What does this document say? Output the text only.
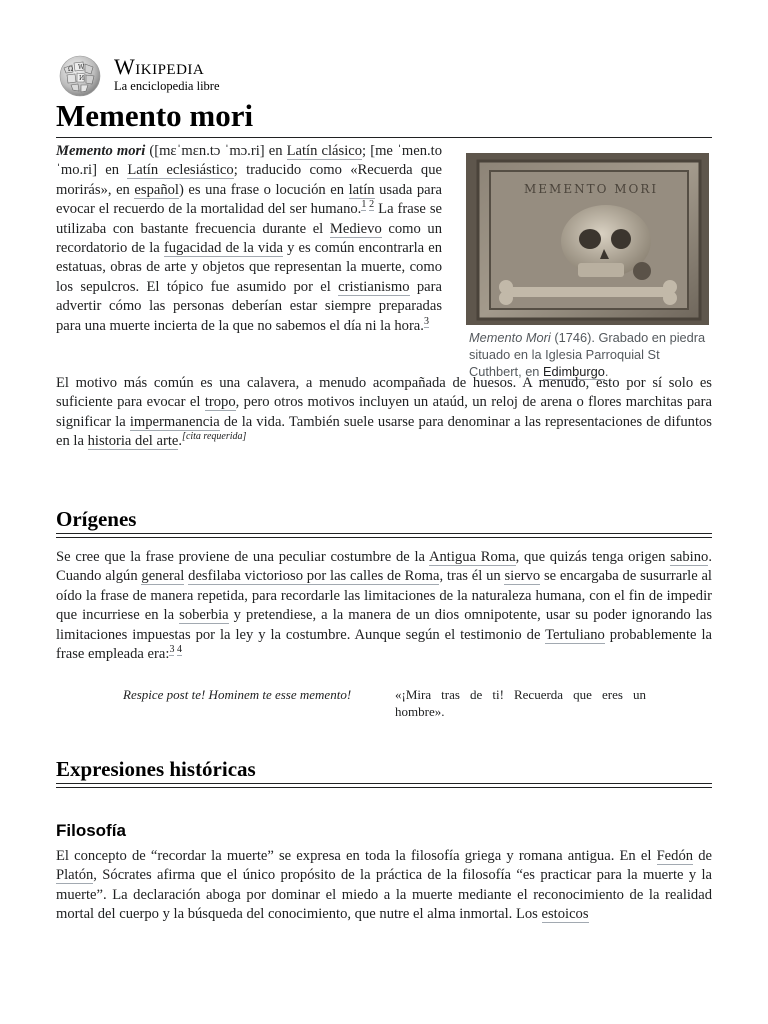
Ω W
И Wikipedia
La enciclopedia libre
Memento mori

Memento mori ([mɛˈmɛn.tɔ ˈmɔ.ri] en Latín clásico; [me ˈmen.to ˈmo.ri] en Latín eclesiástico; traducido como «Recuerda que morirás», en español) es una frase o locución en latín usada para evocar el recuerdo de la mortalidad del ser humano.$^{1 2}$ La frase se utilizaba con bastante frecuencia durante el Medievo como un recordatorio de la fugacidad de la vida y es común encontrarla en estatuas, obras de arte y objetos que representan la muerte, como los sepulcros. El tópico fue asumido por el cristianismo para advertir cómo las personas deberían estar siempre preparadas para una muerte incierta de la que no sabemos el día ni la hora.$^3$

MEMENTO MORI
Memento Mori (1746). Grabado en piedra situado en la Iglesia Parroquial St Cuthbert, en Edimburgo.

El motivo más común es una calavera, a menudo acompañada de huesos. A menudo, esto por sí solo es suficiente para evocar el tropo, pero otros motivos incluyen un ataúd, un reloj de arena o flores marchitas para significar la impermanencia de la vida. También suele usarse para denominar a las representaciones de difuntos en la historia del arte.[cita requerida]

Orígenes

Se cree que la frase proviene de una peculiar costumbre de la Antigua Roma, que quizás tenga origen sabino. Cuando algún general desfilaba victorioso por las calles de Roma, tras él un siervo se encargaba de susurrarle al oído la frase de manera repetida, para recordarle las limitaciones de la naturaleza humana, con el fin de impedir que incurriese en la soberbia y pretendiese, a la manera de un dios omnipotente, usar su poder ignorando las limitaciones impuestas por la ley y la costumbre. Aunque según el testimonio de Tertuliano probablemente la frase empleada era:$^{3 4}$

Respice post te! Hominem te esse memento!	«¡Mira tras de ti! Recuerda que eres un hombre».
Expresiones históricas
Filosofía

El concepto de “recordar la muerte” se expresa en toda la filosofía griega y romana antigua. En el Fedón de Platón, Sócrates afirma que el único propósito de la práctica de la filosofía “es practicar para la muerte y la muerte”. La declaración aboga por dominar el miedo a la muerte mediante el reconocimiento de la realidad mortal del cuerpo y la búsqueda del conocimiento, que nutre el alma inmortal. Los estoicos
